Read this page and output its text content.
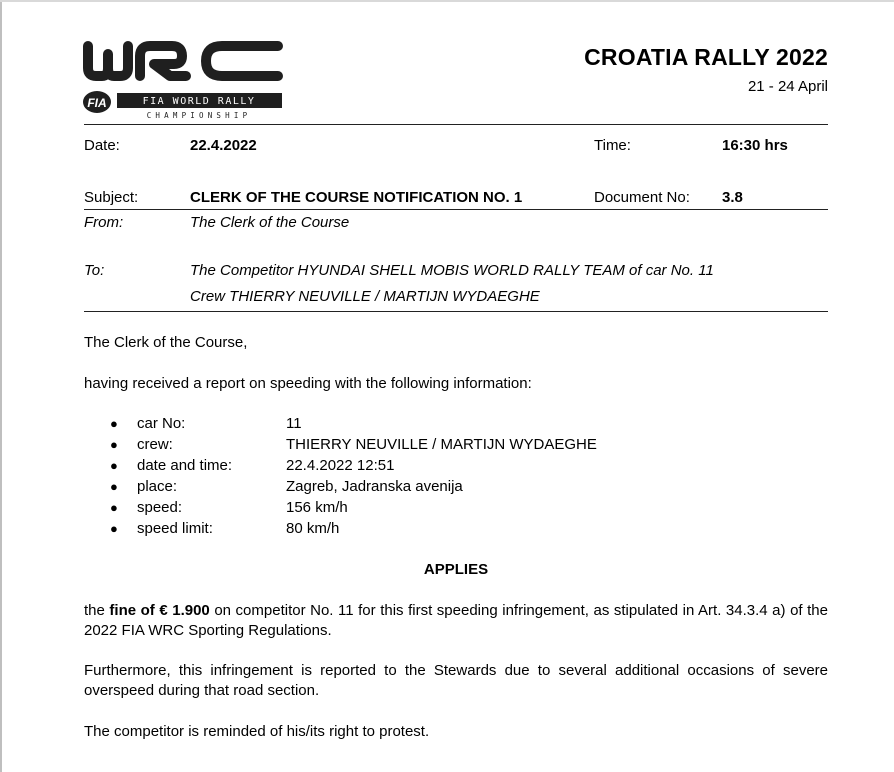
FIA	FIA WORLD RALLY
CHAMPIONSHIP
CROATIA RALLY 2022
21 - 24 April
Date:	22.4.2022	Time:	16:30 hrs
Subject:	CLERK OF THE COURSE NOTIFICATION NO. 1	Document No: 3.8
From:	The Clerk of the Course
To:	The Competitor HYUNDAI SHELL MOBIS WORLD RALLY TEAM of car No. 11
Crew THIERRY NEUVILLE / MARTIJN WYDAEGHE
The Clerk of the Course,
having received a report on speeding with the following information:
● car No:	11
● crew:	THIERRY NEUVILLE / MARTIJN WYDAEGHE
● date and time:	22.4.2022 12:51
● place:	Zagreb, Jadranska avenija
● speed:	156 km/h
● speed limit:	80 km/h
APPLIES
the fine of € 1.900 on competitor No. 11 for this first speeding infringement, as stipulated in Art. 34.3.4 a) of the 2022 FIA WRC Sporting Regulations.
Furthermore, this infringement is reported to the Stewards due to several additional occasions of severe overspeed during that road section.
The competitor is reminded of his/its right to protest.
